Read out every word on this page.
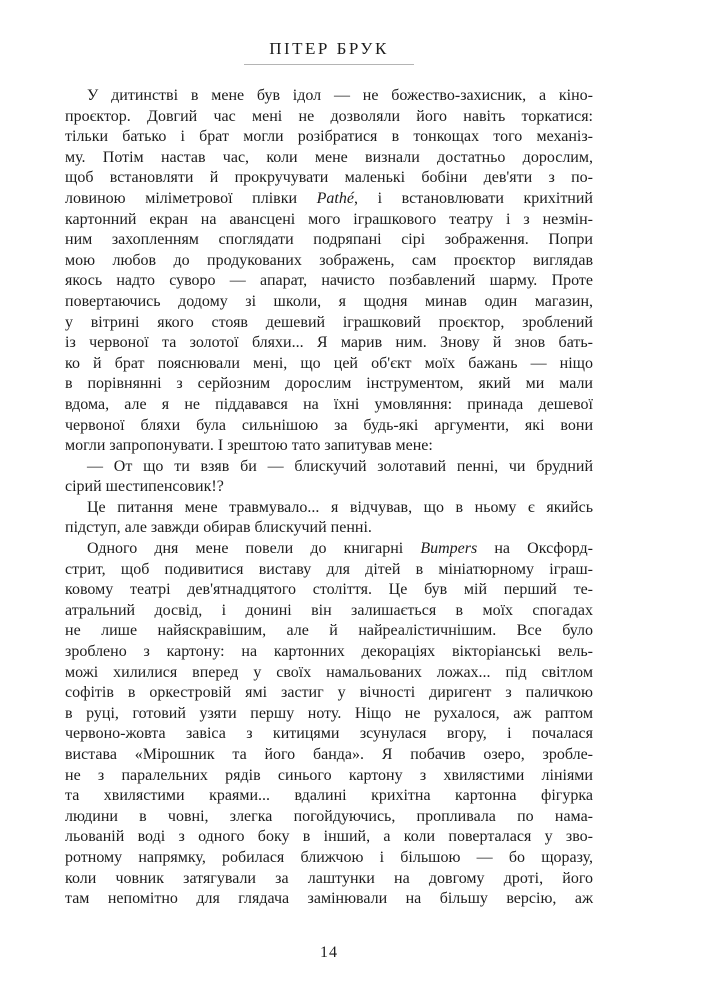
ПІТЕР БРУК
У дитинстві в мене був ідол — не божество-захисник, а кіно-
проєктор. Довгий час мені не дозволяли його навіть торкатися:
тільки батько і брат могли розібратися в тонкощах того механіз-
му. Потім настав час, коли мене визнали достатньо дорослим,
щоб встановляти й прокручувати маленькі бобіни дев'яти з по-
ловиною міліметрової плівки Pathé, і встановлювати крихітний
картонний екран на авансцені мого іграшкового театру і з незмін-
ним захопленням споглядати подряпані сірі зображення. Попри
мою любов до продукованих зображень, сам проєктор виглядав
якось надто суворо — апарат, начисто позбавлений шарму. Проте
повертаючись додому зі школи, я щодня минав один магазин,
у вітрині якого стояв дешевий іграшковий проєктор, зроблений
із червоної та золотої бляхи... Я марив ним. Знову й знов бать-
ко й брат пояснювали мені, що цей об'єкт моїх бажань — ніщо
в порівнянні з серйозним дорослим інструментом, який ми мали
вдома, але я не піддавався на їхні умовляння: принада дешевої
червоної бляхи була сильнішою за будь-які аргументи, які вони
могли запропонувати. І зрештою тато запитував мене:
— От що ти взяв би — блискучий золотавий пенні, чи брудний
сірий шестипенсовик!?
Це питання мене травмувало... я відчував, що в ньому є якийсь
підступ, але завжди обирав блискучий пенні.
Одного дня мене повели до книгарні Bumpers на Оксфорд-
стрит, щоб подивитися виставу для дітей в мініатюрному іграш-
ковому театрі дев'ятнадцятого століття. Це був мій перший те-
атральний досвід, і донині він залишається в моїх спогадах
не лише найяскравішим, але й найреалістичнішим. Все було
зроблено з картону: на картонних декораціях вікторіанські вель-
можі хилилися вперед у своїх намальованих ложах... під світлом
софітів в оркестровій ямі застиг у вічності диригент з паличкою
в руці, готовий узяти першу ноту. Ніщо не рухалося, аж раптом
червоно-жовта завіса з китицями зсунулася вгору, і почалася
вистава «Мірошник та його банда». Я побачив озеро, зробле-
не з паралельних рядів синього картону з хвилястими лініями
та хвилястими краями... вдалині крихітна картонна фігурка
людини в човні, злегка погойдуючись, пропливала по нама-
льованій воді з одного боку в інший, а коли поверталася у зво-
ротному напрямку, робилася ближчою і більшою — бо щоразу,
коли човник затягували за лаштунки на довгому дроті, його
там непомітно для глядача замінювали на більшу версію, аж
14
